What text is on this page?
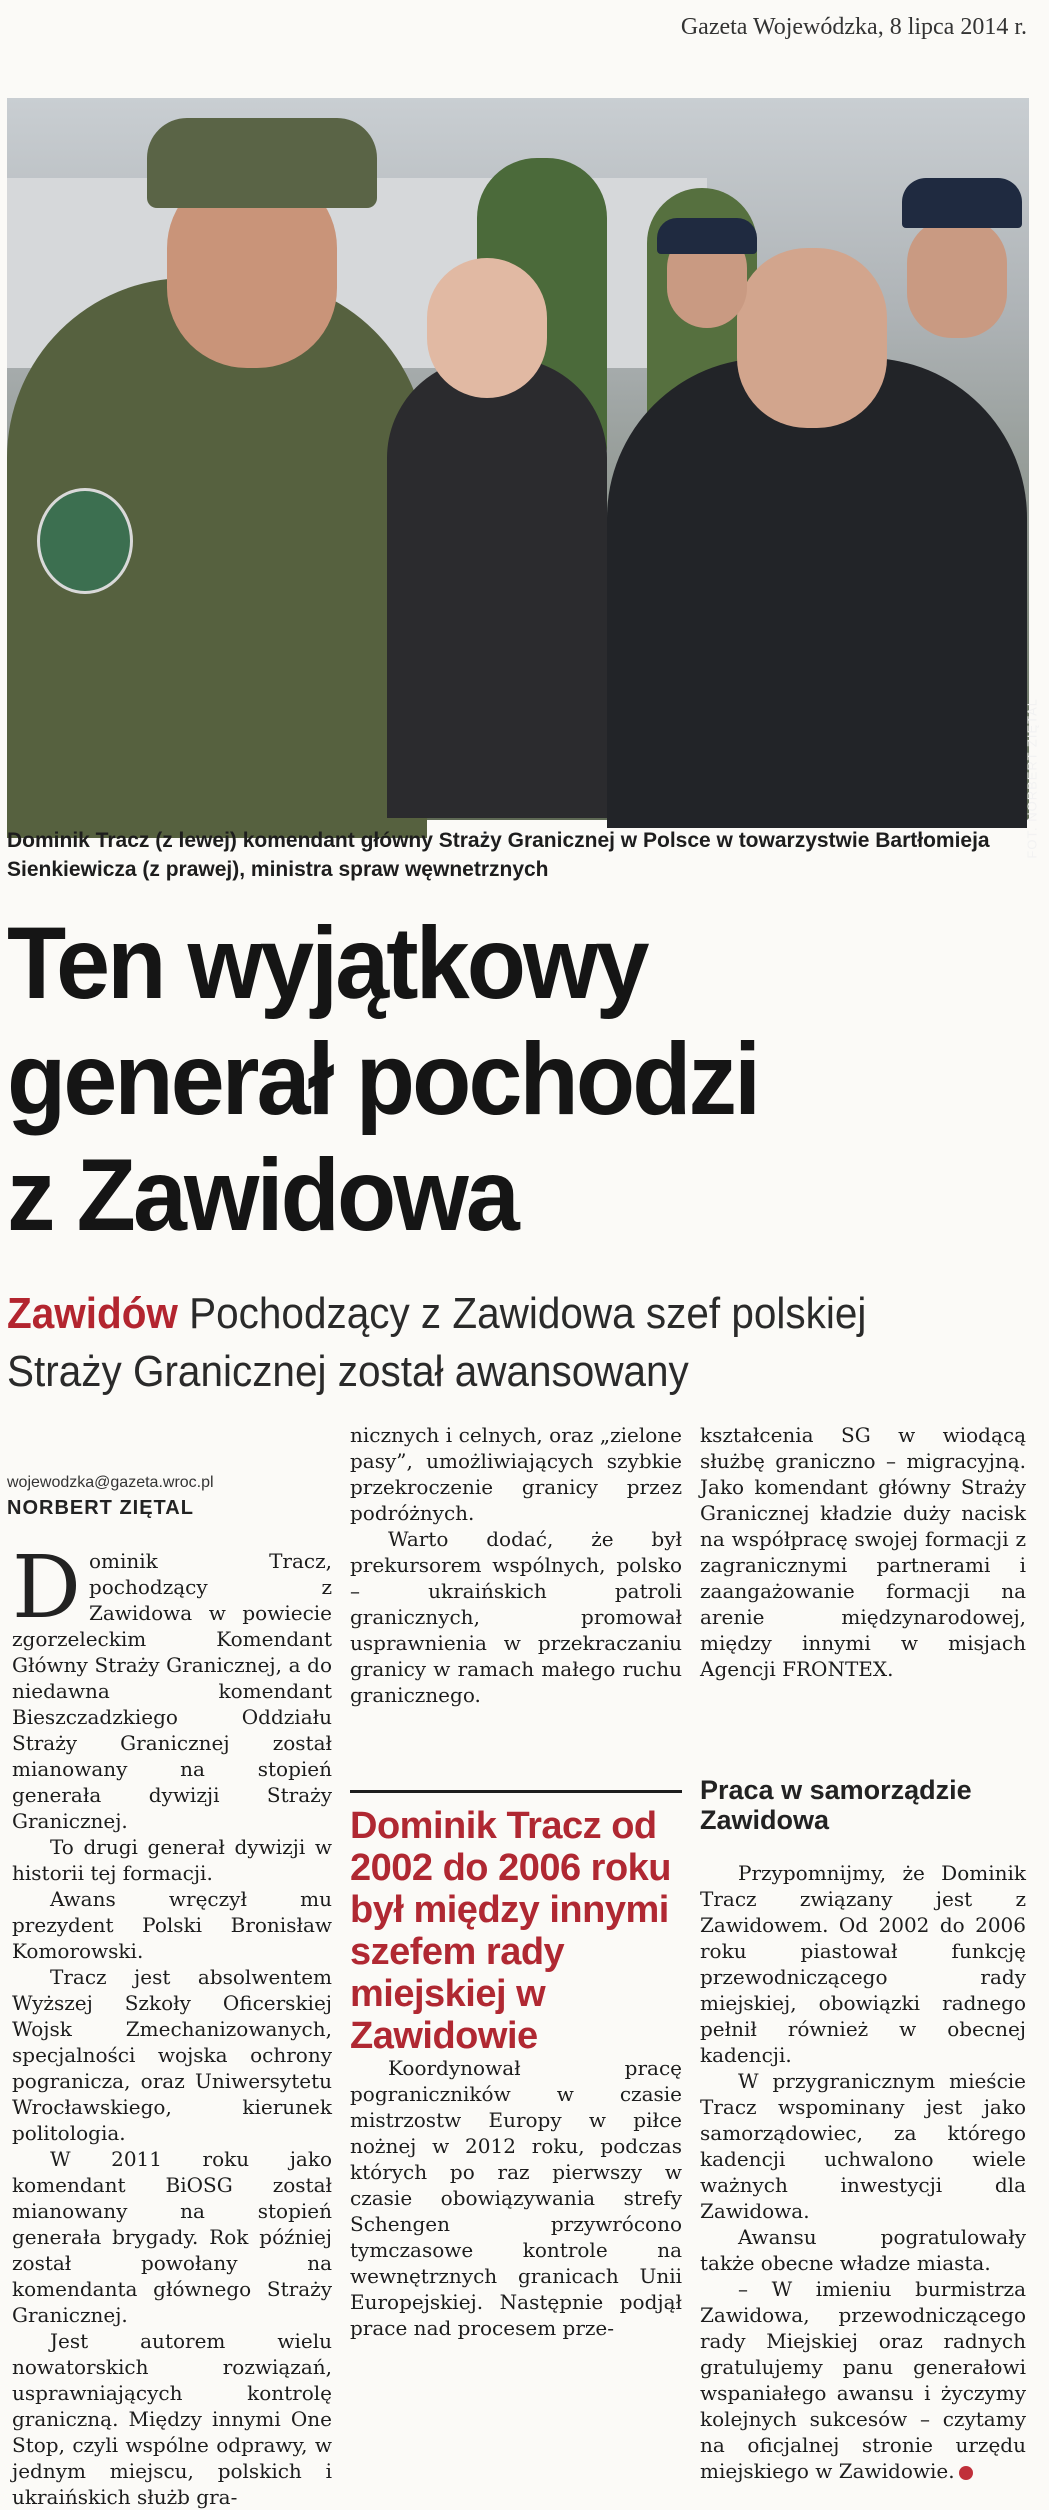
Gazeta Wojewódzka, 8 lipca 2014 r.
FOT. NORBERT ZIĘTAL
Dominik Tracz (z lewej) komendant główny Straży Granicznej w Polsce w towarzystwie Bartłomieja Sienkiewicza (z prawej), ministra spraw węwnetrznych
Ten wyjątkowy
generał pochodzi
z Zawidowa
Zawidów Pochodzący z Zawidowa szef polskiej Straży Granicznej został awansowany
wojewodzka@gazeta.wroc.pl
NORBERT ZIĘTAL

Dominik Tracz, pochodzący z Zawidowa w powiecie zgorzeleckim Komendant Główny Straży Granicznej, a do niedawna komendant Bieszczadzkiego Oddziału Straży Granicznej został mianowany na stopień generała dywizji Straży Granicznej.

To drugi generał dywizji w historii tej formacji.

Awans wręczył mu prezydent Polski Bronisław Komorowski.

Tracz jest absolwentem Wyższej Szkoły Oficerskiej Wojsk Zmechanizowanych, specjalności wojska ochrony pogranicza, oraz Uniwersytetu Wrocławskiego, kierunek politologia.

W 2011 roku jako komendant BiOSG został mianowany na stopień generała brygady. Rok później został powołany na komendanta głównego Straży Granicznej.

Jest autorem wielu nowatorskich rozwiązań, usprawniających kontrolę graniczną. Między innymi One Stop, czyli wspólne odprawy, w jednym miejscu, polskich i ukraińskich służb gra-

nicznych i celnych, oraz „zielone pasy”, umożliwiających szybkie przekroczenie granicy przez podróżnych.

Warto dodać, że był prekursorem wspólnych, polsko – ukraińskich patroli granicznych, promował usprawnienia w przekraczaniu granicy w ramach małego ruchu granicznego.

Dominik Tracz od 2002 do 2006 roku był między innymi szefem rady miejskiej w Zawidowie

Koordynował pracę pograniczników w czasie mistrzostw Europy w piłce nożnej w 2012 roku, podczas których po raz pierwszy w czasie obowiązywania strefy Schengen przywrócono tymczasowe kontrole na wewnętrznych granicach Unii Europejskiej. Następnie podjął prace nad procesem prze-

kształcenia SG w wiodącą służbę graniczno – migracyjną. Jako komendant główny Straży Granicznej kładzie duży nacisk na współpracę swojej formacji z zagranicznymi partnerami i zaangażowanie formacji na arenie międzynarodowej, między innymi w misjach Agencji FRONTEX.

Praca w samorządzie Zawidowa

Przypomnijmy, że Dominik Tracz związany jest z Zawidowem. Od 2002 do 2006 roku piastował funkcję przewodniczącego rady miejskiej, obowiązki radnego pełnił również w obecnej kadencji.

W przygranicznym mieście Tracz wspominany jest jako samorządowiec, za którego kadencji uchwalono wiele ważnych inwestycji dla Zawidowa.

Awansu pogratulowały także obecne władze miasta.

– W imieniu burmistrza Zawidowa, przewodniczącego rady Miejskiej oraz radnych gratulujemy panu generałowi wspaniałego awansu i życzymy kolejnych sukcesów – czytamy na oficjalnej stronie urzędu miejskiego w Zawidowie.
